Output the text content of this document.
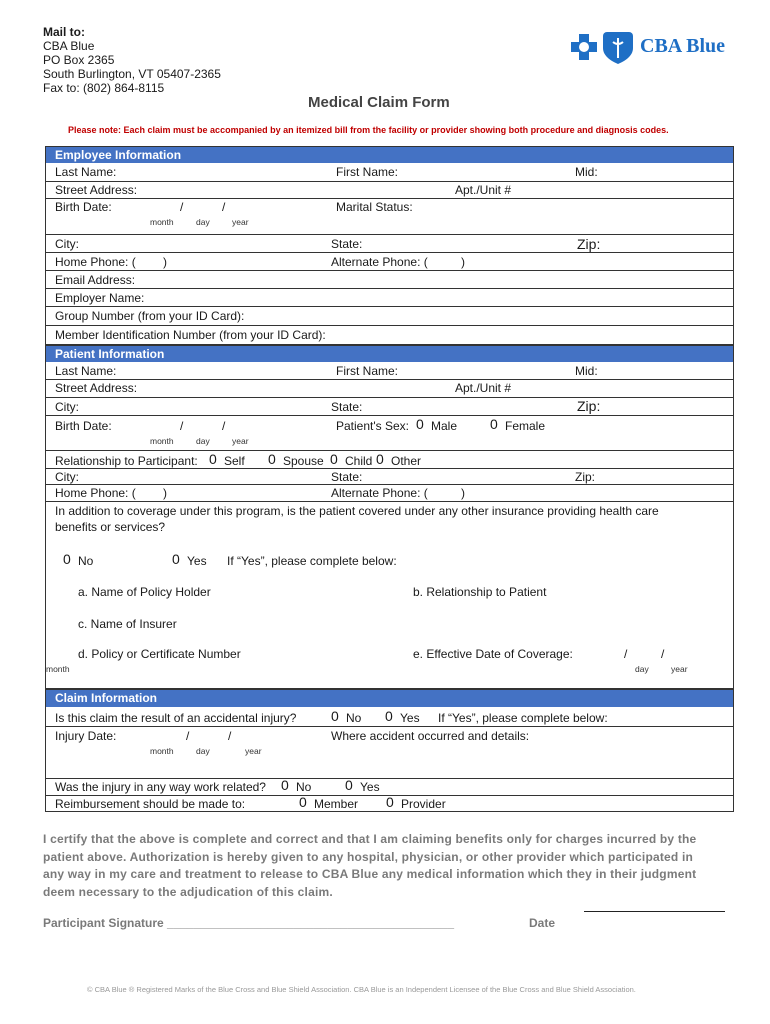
Mail to:
CBA Blue
PO Box 2365
South Burlington, VT 05407-2365
Fax to: (802) 864-8115
CBA Blue
Medical Claim Form
Please note: Each claim must be accompanied by an itemized bill from the facility or provider showing both procedure and diagnosis codes.
Employee Information
Last Name:	First Name:	Mid:
Street Address:	Apt./Unit #
Birth Date:	/	/	Marital Status:
month	day	year
City:	State:	Zip:
Home Phone: ( )	Alternate Phone: (	)
Email Address:
Employer Name:
Group Number (from your ID Card):
Member Identification Number (from your ID Card):
Patient Information
Last Name:	First Name:	Mid:
Street Address:	Apt./Unit #
City:	State:	Zip:
Birth Date:	/	/	Patient's Sex: 0 Male 0 Female
month	day	year
Relationship to Participant: 0 Self 0 Spouse 0 Child 0 Other
City:	State:	Zip:
Home Phone: ( )	Alternate Phone: (	)
In addition to coverage under this program, is the patient covered under any other insurance providing health care
benefits or services?
0 No	0 Yes If “Yes”, please complete below:
a. Name of Policy Holder	b. Relationship to Patient
c. Name of Insurer
d. Policy or Certificate Number	e. Effective Date of Coverage:	/	/
month	day	year
Claim Information
Is this claim the result of an accidental injury? 0 No 0 Yes If “Yes”, please complete below:
Injury Date:	/	/	Where accident occurred and details:
month	day	year
Was the injury in any way work related? 0 No 0 Yes
Reimbursement should be made to:	0 Member 0 Provider
I certify that the above is complete and correct and that I am claiming benefits only for charges incurred by the patient above. Authorization is hereby given to any hospital, physician, or other provider which participated in any way in my care and treatment to release to CBA Blue any medical information which they in their judgment deem necessary to the adjudication of this claim.
Participant Signature ___________________________________________	Date
© CBA Blue ® Registered Marks of the Blue Cross and Blue Shield Association. CBA Blue is an Independent Licensee of the Blue Cross and Blue Shield Association.
